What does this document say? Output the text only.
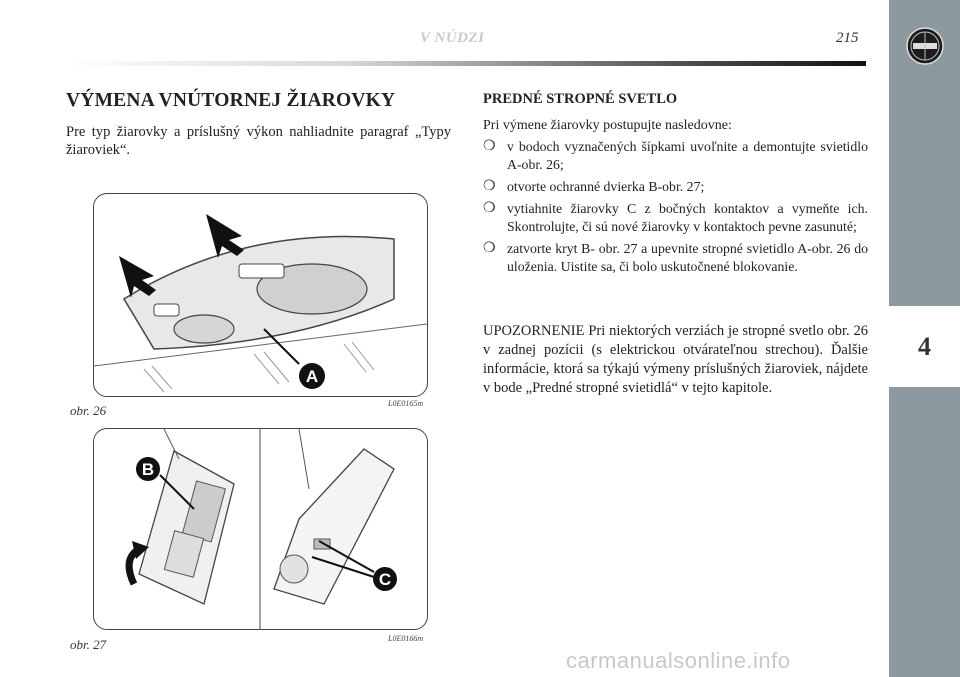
4
V NÚDZI	215
VÝMENA VNÚTORNEJ ŽIAROVKY

Pre typ žiarovky a príslušný výkon nahliadnite paragraf „Typy žiaroviek“.

A
obr. 26	L0E0165m
B
C
obr. 27	L0E0166m
PREDNÉ STROPNÉ SVETLO

Pri výmene žiarovky postupujte nasledovne:

❍ v bodoch vyznačených šípkami uvoľnite a demontujte svietidlo A-obr. 26;
❍ otvorte ochranné dvierka B-obr. 27;
❍ vytiahnite žiarovky C z bočných kontaktov a vymeňte ich. Skontrolujte, či sú nové žiarovky v kontaktoch pevne zasunuté;
❍ zatvorte kryt B- obr. 27 a upevnite stropné svietidlo A-obr. 26 do uloženia. Uistite sa, či bolo uskutočnené blokovanie.

UPOZORNENIE Pri niektorých verziách je stropné svetlo obr. 26 v zadnej pozícii (s elektrickou otvárateľnou strechou). Ďalšie informácie, ktorá sa týkajú výmeny príslušných žiaroviek, nájdete v bode „Predné stropné svietidlá“ v tejto kapitole.

carmanualsonline.info
